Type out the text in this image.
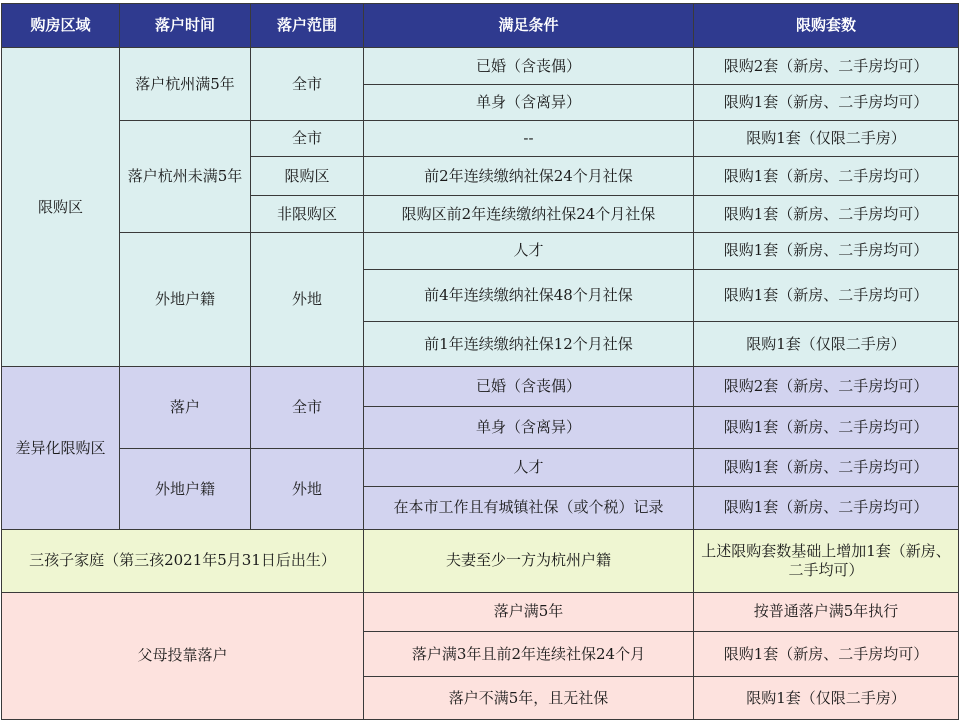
购房区域	落户时间	落户范围	满足条件	限购套数
限购区	落户杭州满5年	全市	已婚（含丧偶）	限购2套（新房、二手房均可）
			单身（含离异）	限购1套（新房、二手房均可）
	落户杭州未满5年	全市	--	限购1套（仅限二手房）
		限购区	前2年连续缴纳社保24个月社保	限购1套（新房、二手房均可）
		非限购区	限购区前2年连续缴纳社保24个月社保	限购1套（新房、二手房均可）
	外地户籍	外地	人才	限购1套（新房、二手房均可）
			前4年连续缴纳社保48个月社保	限购1套（新房、二手房均可）
			前1年连续缴纳社保12个月社保	限购1套（仅限二手房）
差异化限购区	落户	全市	已婚（含丧偶）	限购2套（新房、二手房均可）
			单身（含离异）	限购1套（新房、二手房均可）
	外地户籍	外地	人才	限购1套（新房、二手房均可）
			在本市工作且有城镇社保（或个税）记录	限购1套（新房、二手房均可）
三孩子家庭（第三孩2021年5月31日后出生）			夫妻至少一方为杭州户籍	上述限购套数基础上增加1套（新房、二手均可）
父母投靠落户			落户满5年	按普通落户满5年执行
			落户满3年且前2年连续社保24个月	限购1套（新房、二手房均可）
			落户不满5年，且无社保	限购1套（仅限二手房）
